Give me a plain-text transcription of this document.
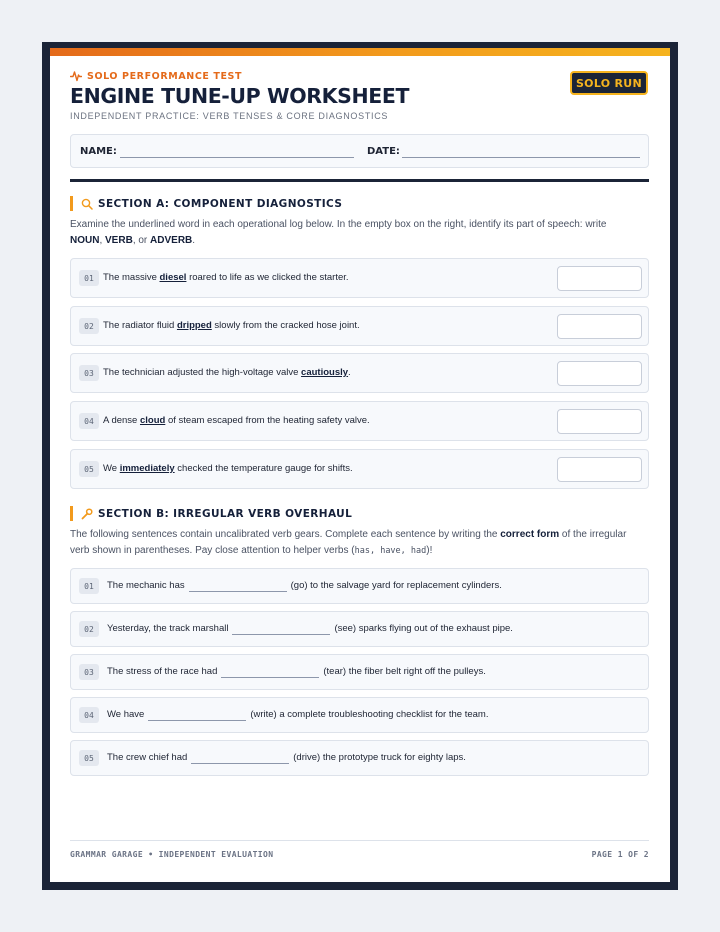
SOLO PERFORMANCE TEST
SOLO RUN
ENGINE TUNE-UP WORKSHEET
INDEPENDENT PRACTICE: VERB TENSES & CORE DIAGNOSTICS
NAME:	DATE:
SECTION A: COMPONENT DIAGNOSTICS
Examine the underlined word in each operational log below. In the empty box on the right, identify its part of speech: write
NOUN, VERB, or ADVERB.
01 The massive diesel roared to life as we clicked the starter.
02 The radiator fluid dripped slowly from the cracked hose joint.
03 The technician adjusted the high-voltage valve cautiously.
04 A dense cloud of steam escaped from the heating safety valve.
05 We immediately checked the temperature gauge for shifts.
SECTION B: IRREGULAR VERB OVERHAUL
The following sentences contain uncalibrated verb gears. Complete each sentence by writing the correct form of the irregular
verb shown in parentheses. Pay close attention to helper verbs (has, have, had)!
01	The mechanic has	(go) to the salvage yard for replacement cylinders.
02	Yesterday, the track marshall	(see) sparks flying out of the exhaust pipe.
03	The stress of the race had	(tear) the fiber belt right off the pulleys.
04	We have	(write) a complete troubleshooting checklist for the team.
05	The crew chief had	(drive) the prototype truck for eighty laps.
GRAMMAR GARAGE • INDEPENDENT EVALUATION	PAGE 1 OF 2
